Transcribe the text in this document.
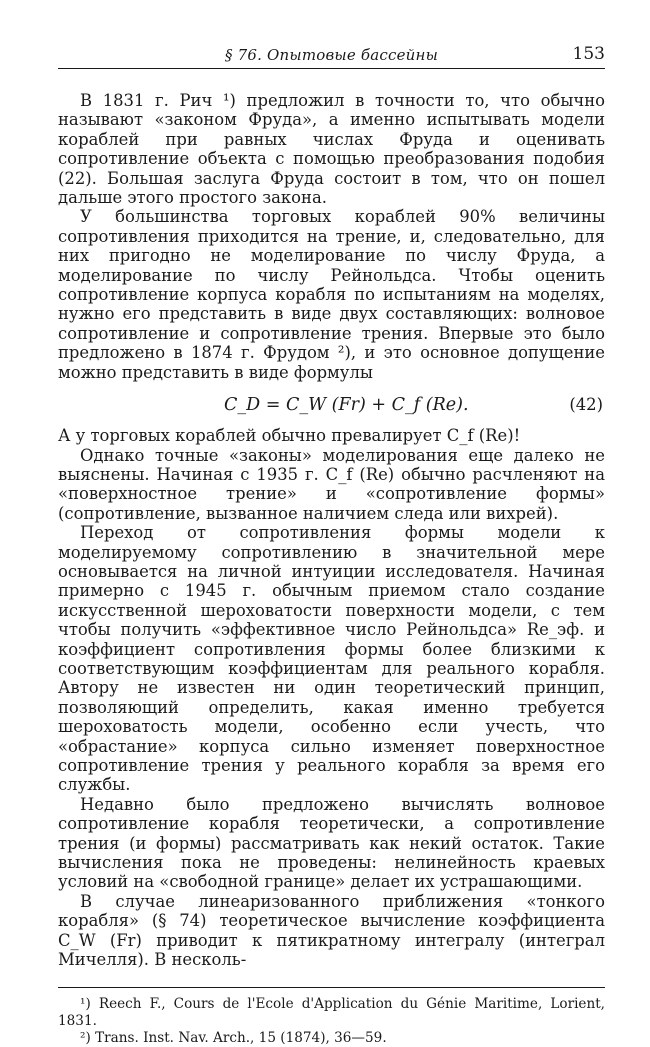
§ 76. Опытовые бассейны	153

В 1831 г. Рич ¹) предложил в точности то, что обычно называют «законом Фруда», а именно испытывать модели кораблей при равных числах Фруда и оценивать сопротивление объекта с помощью преобразования подобия (22). Большая заслуга Фруда состоит в том, что он пошел дальше этого простого закона.

У большинства торговых кораблей 90% величины сопротивления приходится на трение, и, следовательно, для них пригодно не моделирование по числу Фруда, а моделирование по числу Рейнольдса. Чтобы оценить сопротивление корпуса корабля по испытаниям на моделях, нужно его представить в виде двух составляющих: волновое сопротивление и сопротивление трения. Впервые это было предложено в 1874 г. Фрудом ²), и это основное допущение можно представить в виде формулы

C_D = C_W (Fr) + C_f (Re).	(42)

А у торговых кораблей обычно превалирует C_f (Re)!

Однако точные «законы» моделирования еще далеко не выяснены. Начиная с 1935 г. C_f (Re) обычно расчленяют на «поверхностное трение» и «сопротивление формы» (сопротивление, вызванное наличием следа или вихрей).

Переход от сопротивления формы модели к моделируемому сопротивлению в значительной мере основывается на личной интуиции исследователя. Начиная примерно с 1945 г. обычным приемом стало создание искусственной шероховатости поверхности модели, с тем чтобы получить «эффективное число Рейнольдса» Re_эф. и коэффициент сопротивления формы более близкими к соответствующим коэффициентам для реального корабля. Автору не известен ни один теоретический принцип, позволяющий определить, какая именно требуется шероховатость модели, особенно если учесть, что «обрастание» корпуса сильно изменяет поверхностное сопротивление трения у реального корабля за время его службы.

Недавно было предложено вычислять волновое сопротивление корабля теоретически, а сопротивление трения (и формы) рассматривать как некий остаток. Такие вычисления пока не проведены: нелинейность краевых условий на «свободной границе» делает их устрашающими.

В случае линеаризованного приближения «тонкого корабля» (§ 74) теоретическое вычисление коэффициента C_W (Fr) приводит к пятикратному интегралу (интеграл Мичелля). В несколь-

¹) Reech F., Cours de l'Ecole d'Application du Génie Maritime, Lorient, 1831.
²) Trans. Inst. Nav. Arch., 15 (1874), 36—59.
